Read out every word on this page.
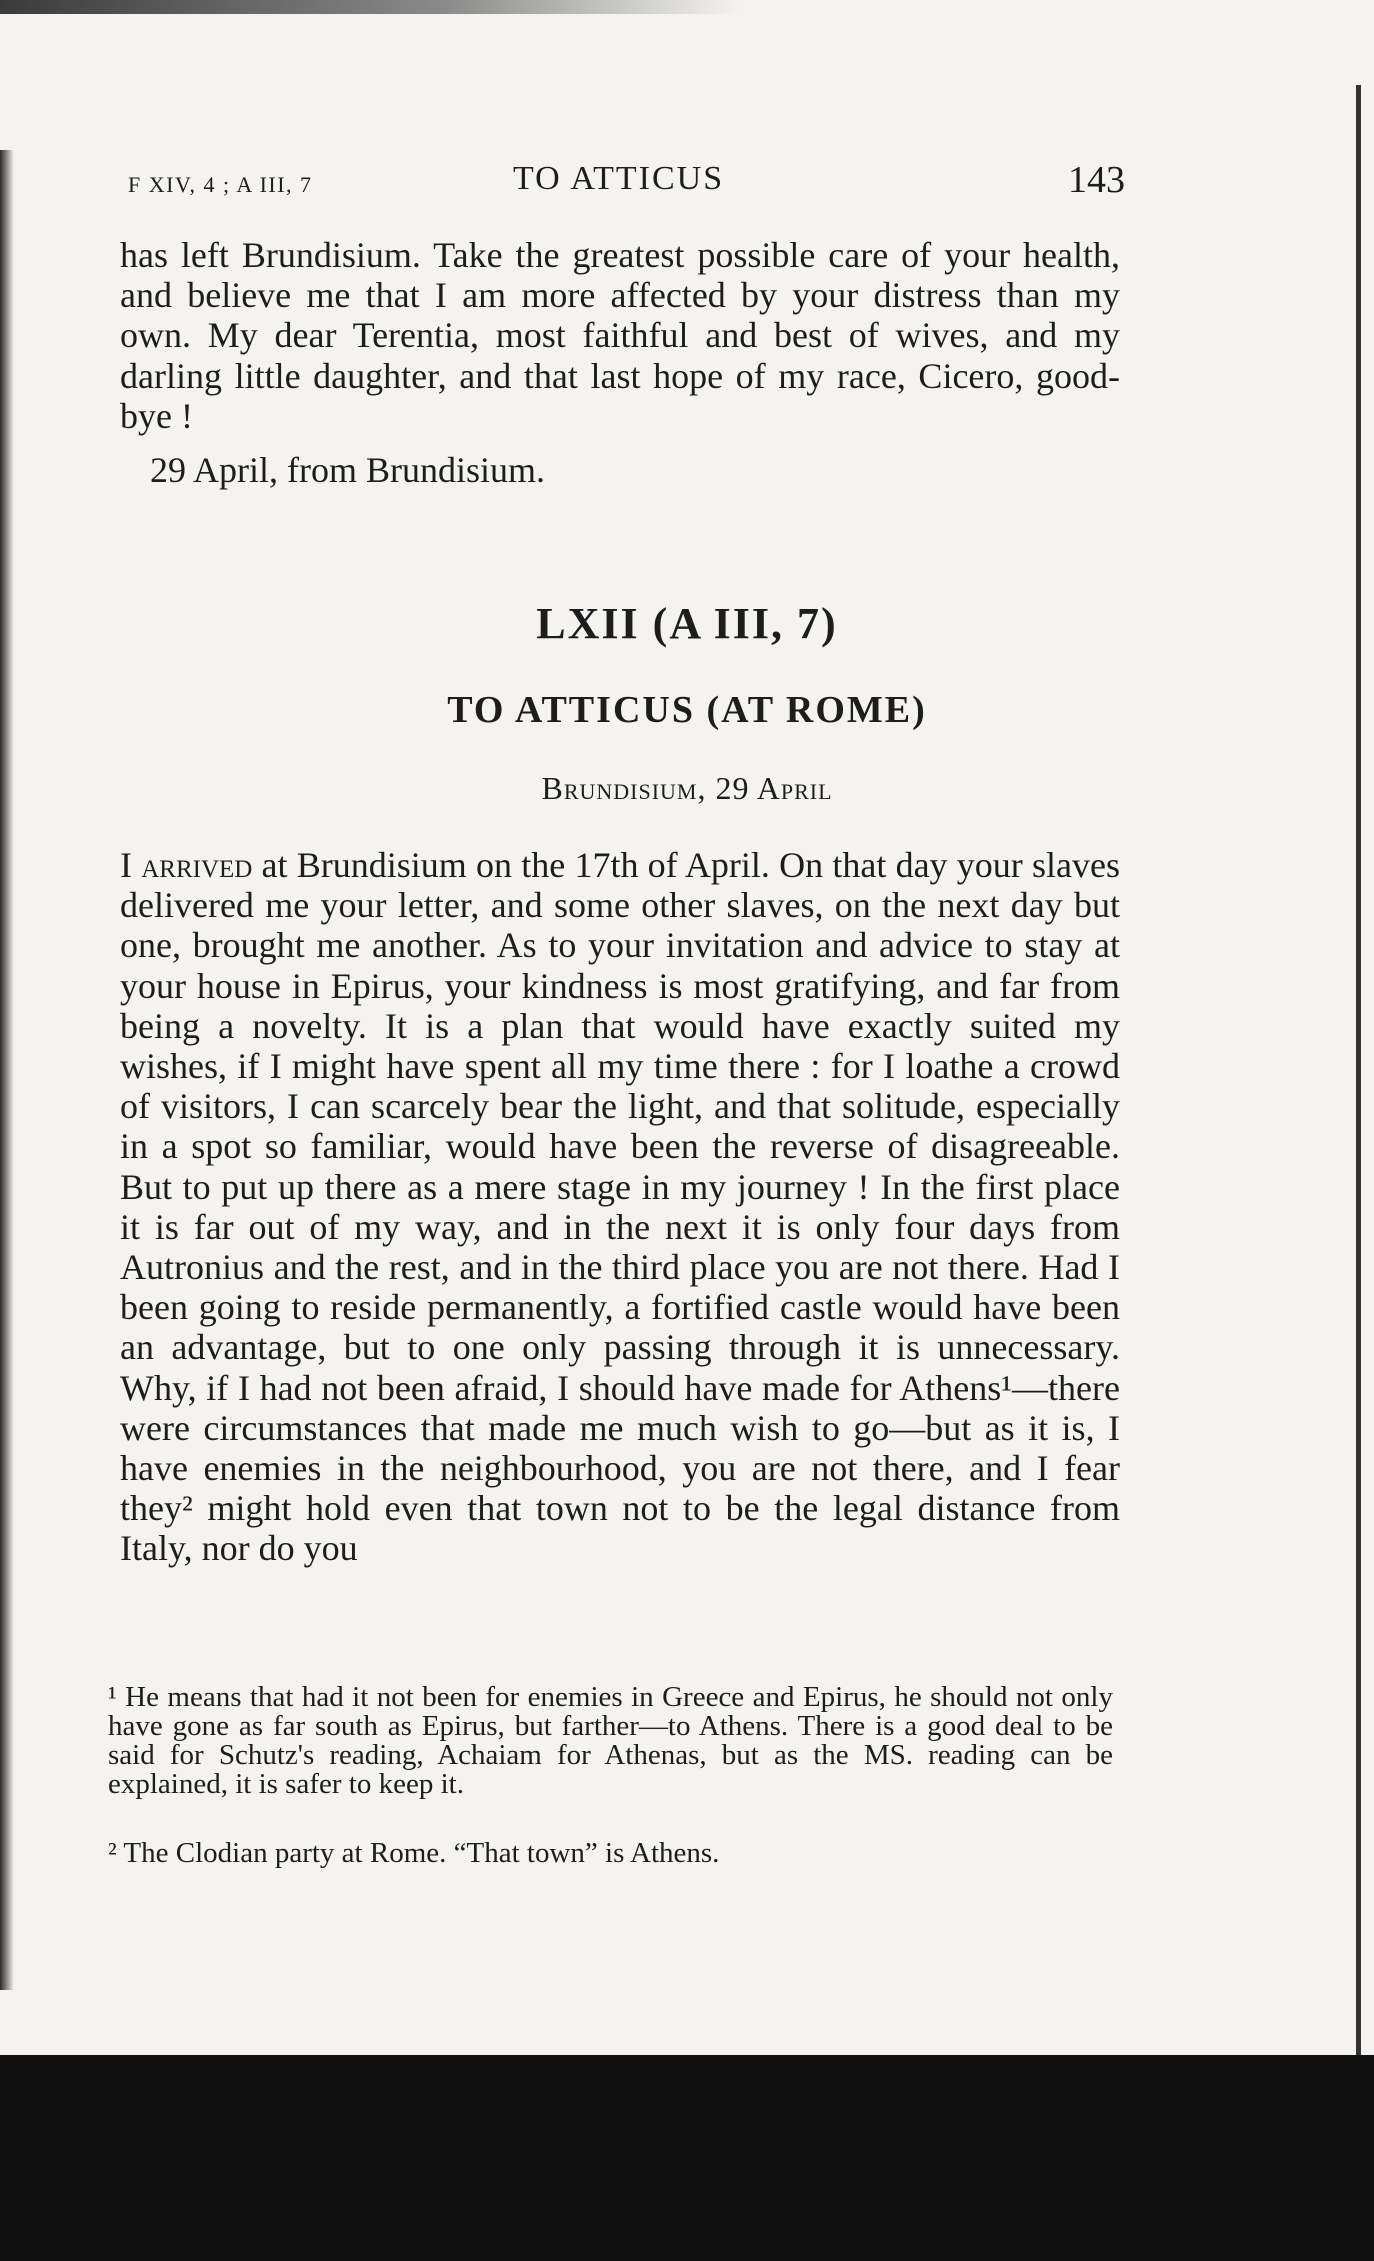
F XIV, 4 ; A III, 7	TO ATTICUS	143

has left Brundisium. Take the greatest possible care of your health, and believe me that I am more affected by your distress than my own. My dear Terentia, most faithful and best of wives, and my darling little daughter, and that last hope of my race, Cicero, good-bye !

29 April, from Brundisium.

LXII (A III, 7)
TO ATTICUS (AT ROME)

Brundisium, 29 April

I arrived at Brundisium on the 17th of April. On that day your slaves delivered me your letter, and some other slaves, on the next day but one, brought me another. As to your invitation and advice to stay at your house in Epirus, your kindness is most gratifying, and far from being a novelty. It is a plan that would have exactly suited my wishes, if I might have spent all my time there : for I loathe a crowd of visitors, I can scarcely bear the light, and that solitude, especially in a spot so familiar, would have been the reverse of disagreeable. But to put up there as a mere stage in my journey ! In the first place it is far out of my way, and in the next it is only four days from Autronius and the rest, and in the third place you are not there. Had I been going to reside permanently, a fortified castle would have been an advantage, but to one only passing through it is unnecessary. Why, if I had not been afraid, I should have made for Athens¹—there were circumstances that made me much wish to go—but as it is, I have enemies in the neighbourhood, you are not there, and I fear they² might hold even that town not to be the legal distance from Italy, nor do you

¹ He means that had it not been for enemies in Greece and Epirus, he should not only have gone as far south as Epirus, but farther—to Athens. There is a good deal to be said for Schutz's reading, Achaiam for Athenas, but as the MS. reading can be explained, it is safer to keep it.

² The Clodian party at Rome. “That town” is Athens.
